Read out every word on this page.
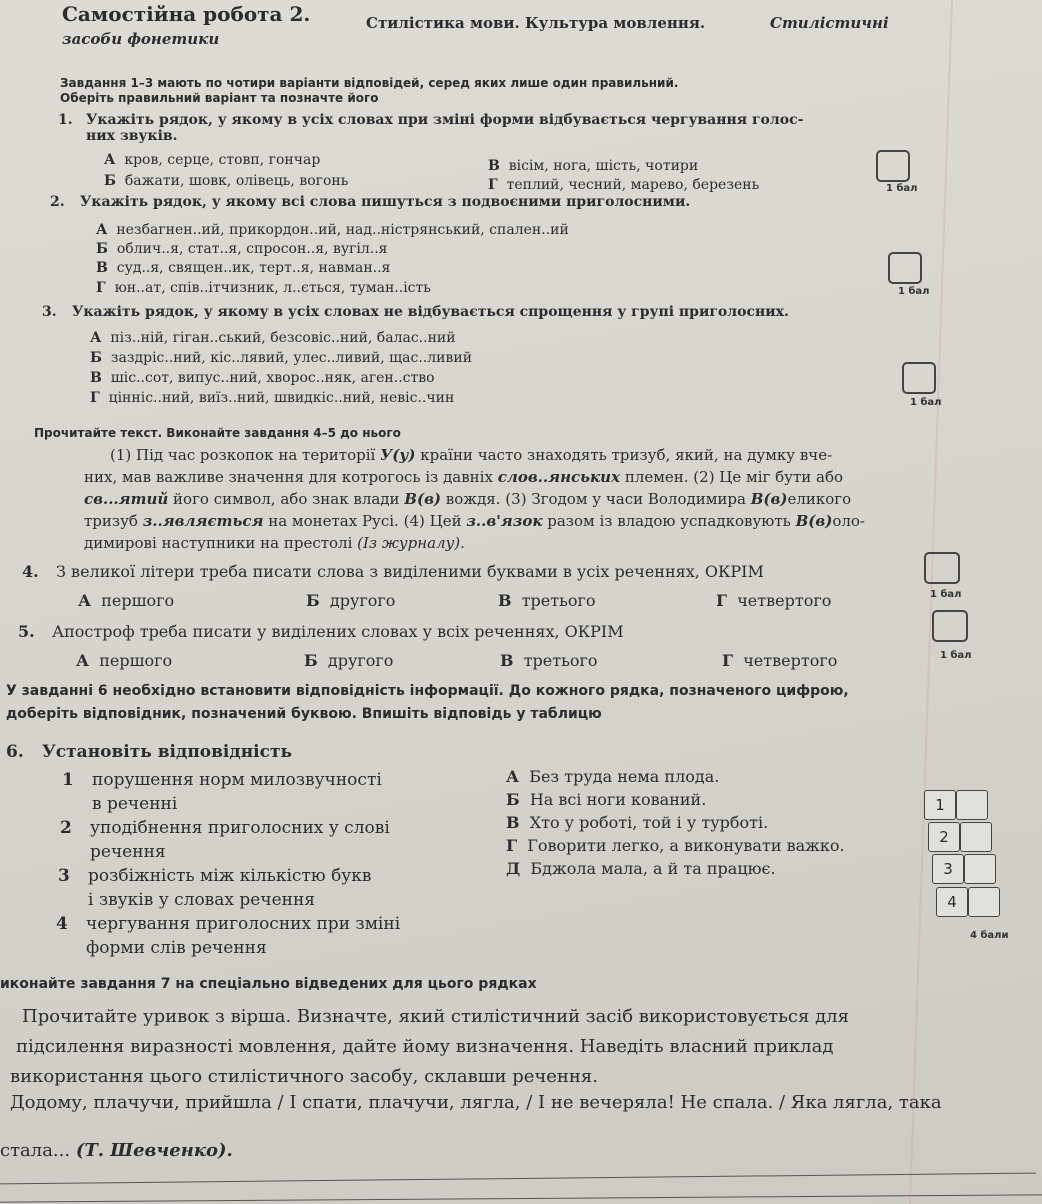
Самостійна робота 2.	Стилістика мови. Культура мовлення.	Стилістичні
засоби фонетики
Завдання 1–3 мають по чотири варіанти відповідей, серед яких лише один правильний.
Оберіть правильний варіант та позначте його
1. Укажіть рядок, у якому в усіх словах при зміні форми відбувається чергування голос-
них звуків.
А кров, серце, стовп, гончар
Б бажати, шовк, олівець, вогонь
В вісім, нога, шість, чотири
Г теплий, чесний, марево, березень	1 бал
2. Укажіть рядок, у якому всі слова пишуться з подвоєними приголосними.
А незбагнен..ий, прикордон..ий, над..ністрянський, спален..ий
Б облич..я, стат..я, спросон..я, вугіл..я
В суд..я, священ..ик, терт..я, навман..я
Г юн..ат, спів..ітчизник, л..ється, туман..ість	1 бал
3. Укажіть рядок, у якому в усіх словах не відбувається спрощення у групі приголосних.
А піз..ній, гіган..ський, безсовіс..ний, балас..ний
Б заздріс..ний, кіс..лявий, улес..ливий, щас..ливий
В шіс..сот, випус..ний, хворос..няк, аген..ство
Г цінніс..ний, виїз..ний, швидкіс..ний, невіс..чин	1 бал
Прочитайте текст. Виконайте завдання 4–5 до нього
(1) Під час розкопок на території У(у) країни часто знаходять тризуб, який, на думку вче-
них, мав важливе значення для котрогось із давніх слов..янських племен. (2) Це міг бути або
св...ятий його символ, або знак влади В(в) вождя. (3) Згодом у часи Володимира В(в)еликого
тризуб з..являється на монетах Русі. (4) Цей з..в'язок разом із владою успадковують В(в)оло-
димирові наступники на престолі (Із журналу).
4. З великої літери треба писати слова з виділеними буквами в усіх реченнях, ОКРІМ
А першого	Б другого	В третього	Г четвертого	1 бал
5. Апостроф треба писати у виділених словах у всіх реченнях, ОКРІМ
А першого	Б другого	В третього	Г четвертого	1 бал
У завданні 6 необхідно встановити відповідність інформації. До кожного рядка, позначеного цифрою,
доберіть відповідник, позначений буквою. Впишіть відповідь у таблицю
6. Установіть відповідність
1 порушення норм милозвучності
в реченні
2 уподібнення приголосних у слові
речення
3 розбіжність між кількістю букв
і звуків у словах речення
4 чергування приголосних при зміні
форми слів речення
А Без труда нема плода.
Б На всі ноги кований.
В Хто у роботі, той і у турботі.
Г Говорити легко, а виконувати важко.
Д Бджола мала, а й та працює.
1
2
3
4
4 бали
иконайте завдання 7 на спеціально відведених для цього рядках
Прочитайте уривок з вірша. Визначте, який стилістичний засіб використовується для
підсилення виразності мовлення, дайте йому визначення. Наведіть власний приклад
використання цього стилістичного засобу, склавши речення.
Додому, плачучи, прийшла / І спати, плачучи, лягла, / І не вечеряла! Не спала. / Яка лягла, така
стала... (Т. Шевченко).
